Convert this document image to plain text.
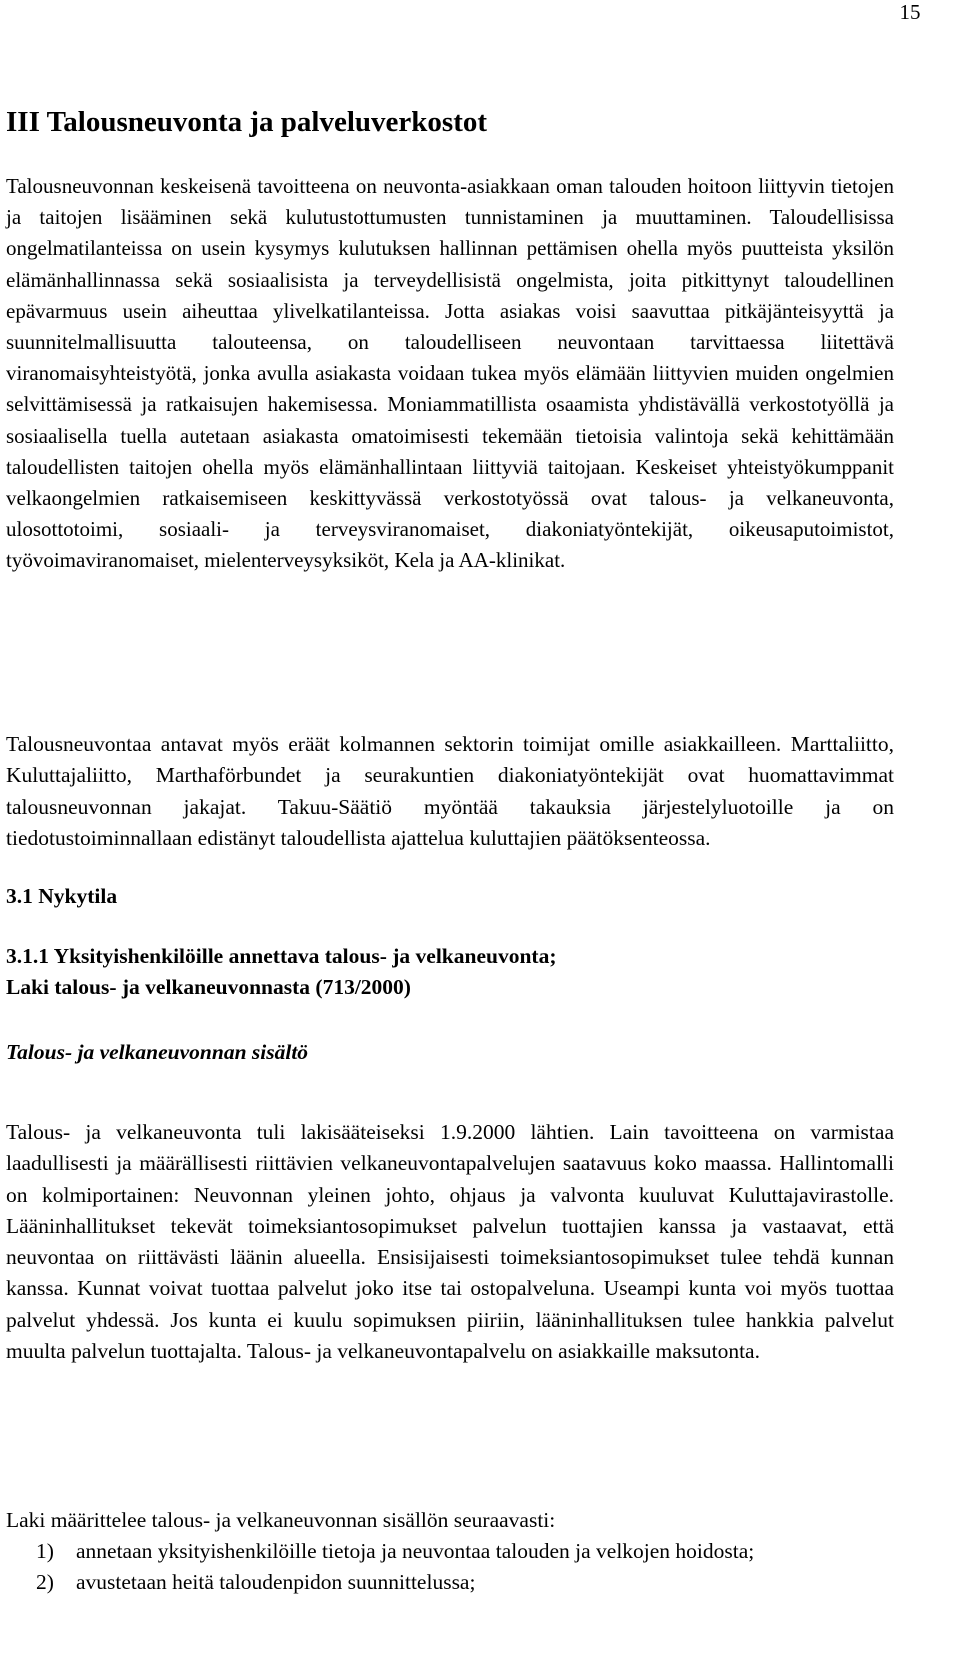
15
III Talousneuvonta ja palveluverkostot

Talousneuvonnan keskeisenä tavoitteena on neuvonta-asiakkaan oman talouden hoitoon liittyvin tietojen ja taitojen lisääminen sekä kulutustottumusten tunnistaminen ja muuttaminen. Taloudellisissa ongelmatilanteissa on usein kysymys kulutuksen hallinnan pettämisen ohella myös puutteista yksilön elämänhallinnassa sekä sosiaalisista ja terveydellisistä ongelmista, joita pitkittynyt taloudellinen epävarmuus usein aiheuttaa ylivelkatilanteissa. Jotta asiakas voisi saavuttaa pitkäjänteisyyttä ja suunnitelmallisuutta talouteensa, on taloudelliseen neuvontaan tarvittaessa liitettävä viranomaisyhteistyötä, jonka avulla asiakasta voidaan tukea myös elämään liittyvien muiden ongelmien selvittämisessä ja ratkaisujen hakemisessa. Moniammatillista osaamista yhdistävällä verkostotyöllä ja sosiaalisella tuella autetaan asiakasta omatoimisesti tekemään tietoisia valintoja sekä kehittämään taloudellisten taitojen ohella myös elämänhallintaan liittyviä taitojaan. Keskeiset yhteistyökumppanit velkaongelmien ratkaisemiseen keskittyvässä verkostotyössä ovat talous- ja velkaneuvonta, ulosottotoimi, sosiaali- ja terveysviranomaiset, diakoniatyöntekijät, oikeusaputoimistot, työvoimaviranomaiset, mielenterveysyksiköt, Kela ja AA-klinikat.

Talousneuvontaa antavat myös eräät kolmannen sektorin toimijat omille asiakkailleen. Marttaliitto, Kuluttajaliitto, Marthaförbundet ja seurakuntien diakoniatyöntekijät ovat huomattavimmat talousneuvonnan jakajat. Takuu-Säätiö myöntää takauksia järjestelyluotoille ja on tiedotustoiminnallaan edistänyt taloudellista ajattelua kuluttajien päätöksenteossa.

3.1 Nykytila
3.1.1 Yksityishenkilöille annettava talous- ja velkaneuvonta;
Laki talous- ja velkaneuvonnasta (713/2000)
Talous- ja velkaneuvonnan sisältö

Talous- ja velkaneuvonta tuli lakisääteiseksi 1.9.2000 lähtien. Lain tavoitteena on varmistaa laadullisesti ja määrällisesti riittävien velkaneuvontapalvelujen saatavuus koko maassa. Hallintomalli on kolmiportainen: Neuvonnan yleinen johto, ohjaus ja valvonta kuuluvat Kuluttajavirastolle. Lääninhallitukset tekevät toimeksiantosopimukset palvelun tuottajien kanssa ja vastaavat, että neuvontaa on riittävästi läänin alueella. Ensisijaisesti toimeksiantosopimukset tulee tehdä kunnan kanssa. Kunnat voivat tuottaa palvelut joko itse tai ostopalveluna. Useampi kunta voi myös tuottaa palvelut yhdessä. Jos kunta ei kuulu sopimuksen piiriin, lääninhallituksen tulee hankkia palvelut muulta palvelun tuottajalta. Talous- ja velkaneuvontapalvelu on asiakkaille maksutonta.

Laki määrittelee talous- ja velkaneuvonnan sisällön seuraavasti:

1) annetaan yksityishenkilöille tietoja ja neuvontaa talouden ja velkojen hoidosta;
2) avustetaan heitä taloudenpidon suunnittelussa;
